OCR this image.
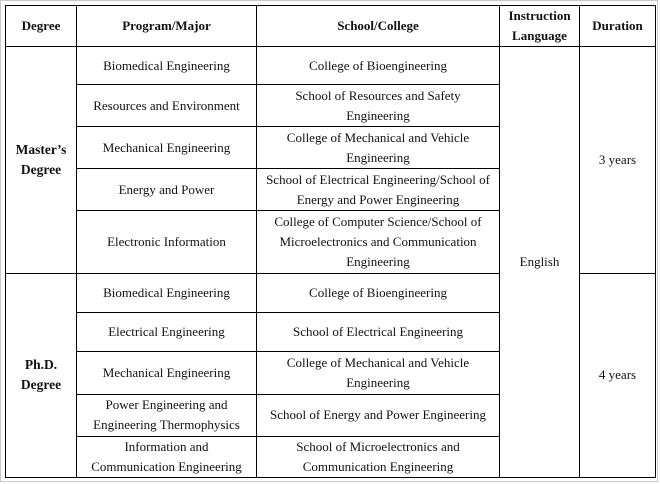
Degree	Program/Major	School/College	Instruction Language	Duration
Master’s Degree	Biomedical Engineering	College of Bioengineering	English	3 years
	Resources and Environment	School of Resources and Safety Engineering		
	Mechanical Engineering	College of Mechanical and Vehicle Engineering		
	Energy and Power	School of Electrical Engineering/School of Energy and Power Engineering		
	Electronic Information	College of Computer Science/School of Microelectronics and Communication Engineering		
Ph.D. Degree	Biomedical Engineering	College of Bioengineering		4 years
	Electrical Engineering	School of Electrical Engineering		
	Mechanical Engineering	College of Mechanical and Vehicle Engineering		
	Power Engineering and Engineering Thermophysics	School of Energy and Power Engineering		
	Information and Communication Engineering	School of Microelectronics and Communication Engineering		
